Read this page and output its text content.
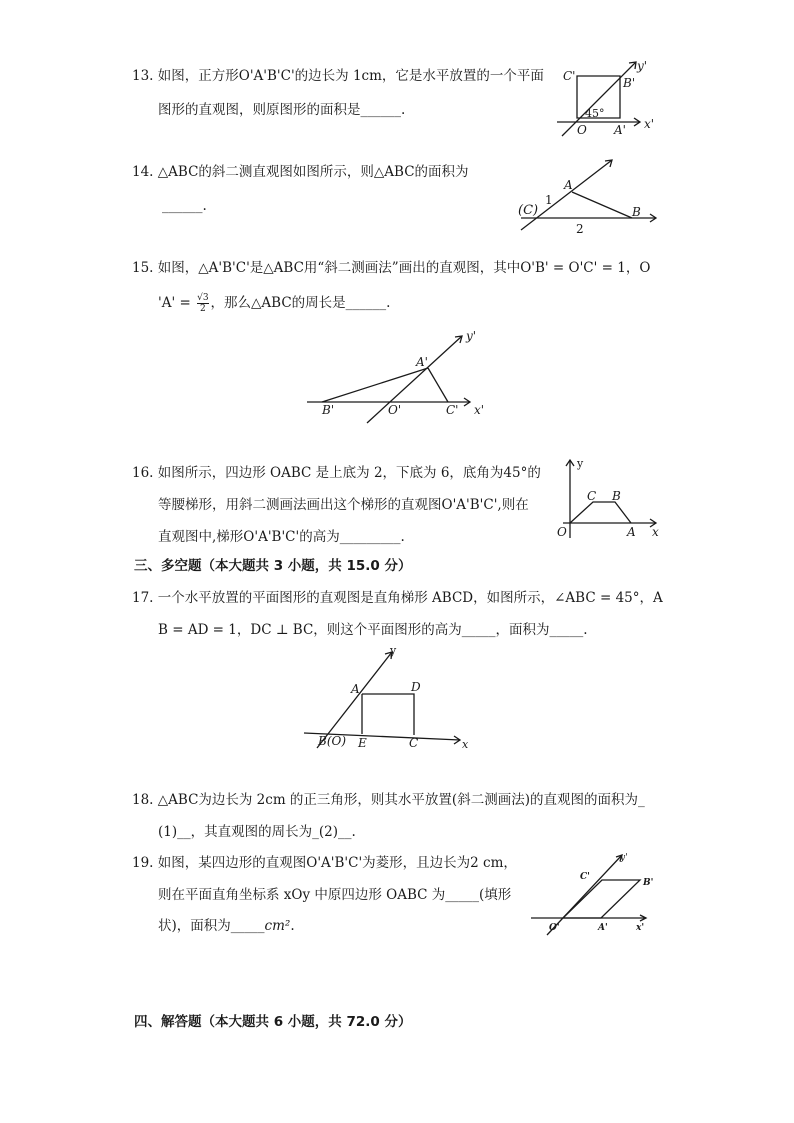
13. 如图，正方形O'A'B'C'的边长为 1cm，它是水平放置的一个平面
图形的直观图，则原图形的面积是______.
C'	B'
y'
45°
O A' x'
14. △ABC的斜二测直观图如图所示，则△ABC的面积为
______.
A
(C)
1
B
2
15. 如图，△A'B'C'是△ABC用“斜二测画法”画出的直观图，其中O'B' = O'C' = 1，O
'$A' = \frac{√3}{2}$ ，那么△ABC的周长是______.
y'
A'
B'	O'	C' x'
16. 如图所示，四边形 OABC 是上底为 2，下底为 6，底角为45°的
等腰梯形，用斜二测画法画出这个梯形的直观图O'A'B'C',则在
直观图中,梯形O'A'B'C'的高为_________.
y
C B
O	A x
三、多空题（本大题共 3 小题，共 15.0 分）
17. 一个水平放置的平面图形的直观图是直角梯形 ABCD，如图所示，∠ABC = 45°，A
B = AD = 1，DC ⊥ BC，则这个平面图形的高为_____，面积为_____.
y
A	D
B(O) E	C	x
18. △ABC为边长为 2cm 的正三角形，则其水平放置(斜二测画法)的直观图的面积为_
(1)__，其直观图的周长为_(2)__.
19. 如图，某四边形的直观图O'A'B'C'为菱形，且边长为2 cm，
则在平面直角坐标系 xOy 中原四边形 OABC 为_____(填形
状)，面积为_____cm².
y'
C'
B'
O'	A'	x'
四、解答题（本大题共 6 小题，共 72.0 分）
